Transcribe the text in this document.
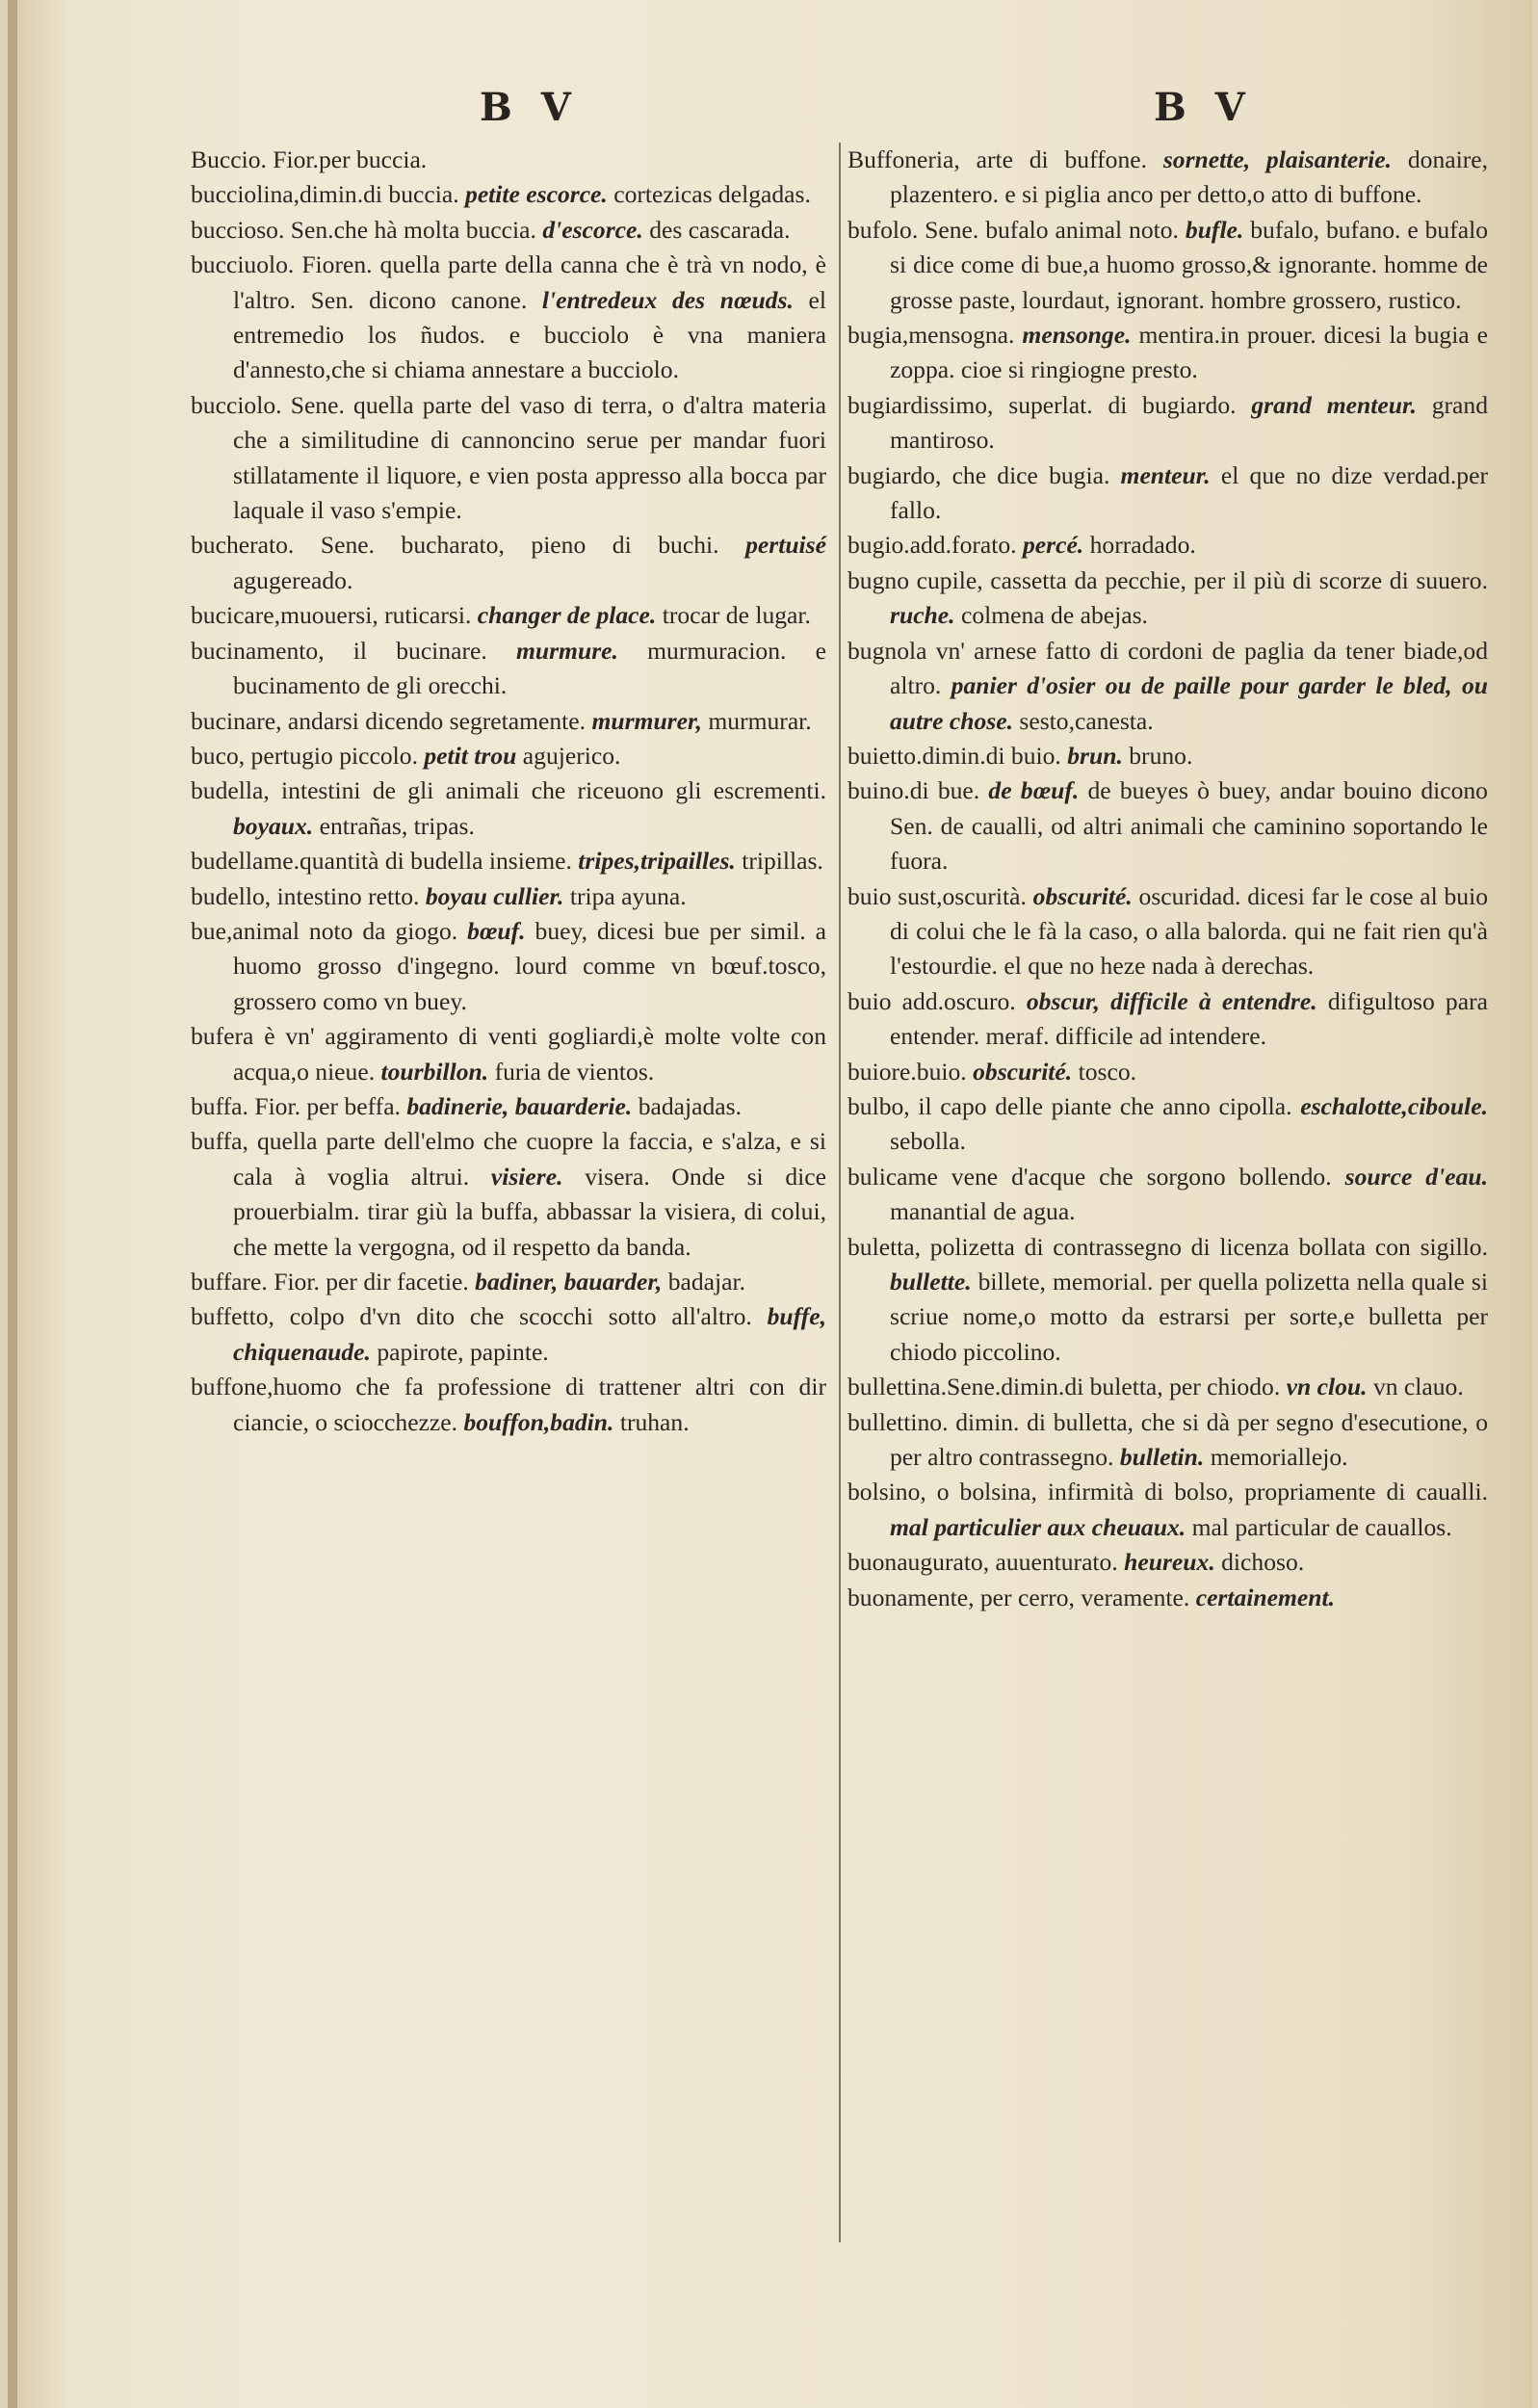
B V	B V

Buccio. Fior.per buccia.

bucciolina,dimin.di buccia. petite escorce. cortezicas delgadas.

buccioso. Sen.che hà molta buccia. d'escorce. des cascarada.

bucciuolo. Fioren. quella parte della canna che è trà vn nodo, è l'altro. Sen. dicono canone. l'entredeux des nœuds. el entremedio los ñudos. e bucciolo è vna maniera d'annesto,che si chiama annestare a bucciolo.

bucciolo. Sene. quella parte del vaso di terra, o d'altra materia che a similitudine di cannoncino serue per mandar fuori stillatamente il liquore, e vien posta appresso alla bocca par laquale il vaso s'empie.

bucherato. Sene. bucharato, pieno di buchi. pertuisé agugereado.

bucicare,muouersi, ruticarsi. changer de place. trocar de lugar.

bucinamento, il bucinare. murmure. murmuracion. e bucinamento de gli orecchi.

bucinare, andarsi dicendo segretamente. murmurer, murmurar.

buco, pertugio piccolo. petit trou agujerico.

budella, intestini de gli animali che riceuono gli escrementi. boyaux. entrañas, tripas.

budellame.quantità di budella insieme. tripes,tripailles. tripillas.

budello, intestino retto. boyau cullier. tripa ayuna.

bue,animal noto da giogo. bœuf. buey, dicesi bue per simil. a huomo grosso d'ingegno. lourd comme vn bœuf.tosco, grossero como vn buey.

bufera è vn' aggiramento di venti gogliardi,è molte volte con acqua,o nieue. tourbillon. furia de vientos.

buffa. Fior. per beffa. badinerie, bauarderie. badajadas.

buffa, quella parte dell'elmo che cuopre la faccia, e s'alza, e si cala à voglia altrui. visiere. visera. Onde si dice prouerbialm. tirar giù la buffa, abbassar la visiera, di colui, che mette la vergogna, od il respetto da banda.

buffare. Fior. per dir facetie. badiner, bauarder, badajar.

buffetto, colpo d'vn dito che scocchi sotto all'altro. buffe, chiquenaude. papirote, papinte.

buffone,huomo che fa professione di trattener altri con dir ciancie, o sciocchezze. bouffon,badin. truhan.

Buffoneria, arte di buffone. sornette, plaisanterie. donaire, plazentero. e si piglia anco per detto,o atto di buffone.

bufolo. Sene. bufalo animal noto. bufle. bufalo, bufano. e bufalo si dice come di bue,a huomo grosso,& ignorante. homme de grosse paste, lourdaut, ignorant. hombre grossero, rustico.

bugia,mensogna. mensonge. mentira.in prouer. dicesi la bugia e zoppa. cioe si ringiogne presto.

bugiardissimo, superlat. di bugiardo. grand menteur. grand mantiroso.

bugiardo, che dice bugia. menteur. el que no dize verdad.per fallo.

bugio.add.forato. percé. horradado.

bugno cupile, cassetta da pecchie, per il più di scorze di suuero. ruche. colmena de abejas.

bugnola vn' arnese fatto di cordoni de paglia da tener biade,od altro. panier d'osier ou de paille pour garder le bled, ou autre chose. sesto,canesta.

buietto.dimin.di buio. brun. bruno.

buino.di bue. de bœuf. de bueyes ò buey, andar bouino dicono Sen. de caualli, od altri animali che caminino soportando le fuora.

buio sust,oscurità. obscurité. oscuridad. dicesi far le cose al buio di colui che le fà la caso, o alla balorda. qui ne fait rien qu'à l'estourdie. el que no heze nada à derechas.

buio add.oscuro. obscur, difficile à entendre. difigultoso para entender. meraf. difficile ad intendere.

buiore.buio. obscurité. tosco.

bulbo, il capo delle piante che anno cipolla. eschalotte,ciboule. sebolla.

bulicame vene d'acque che sorgono bollendo. source d'eau. manantial de agua.

buletta, polizetta di contrassegno di licenza bollata con sigillo. bullette. billete, memorial. per quella polizetta nella quale si scriue nome,o motto da estrarsi per sorte,e bulletta per chiodo piccolino.

bullettina.Sene.dimin.di buletta, per chiodo. vn clou. vn clauo.

bullettino. dimin. di bulletta, che si dà per segno d'esecutione, o per altro contrassegno. bulletin. memoriallejo.

bolsino, o bolsina, infirmità di bolso, propriamente di caualli. mal particulier aux cheuaux. mal particular de cauallos.

buonaugurato, auuenturato. heureux. dichoso.

buonamente, per cerro, veramente. certainement.
